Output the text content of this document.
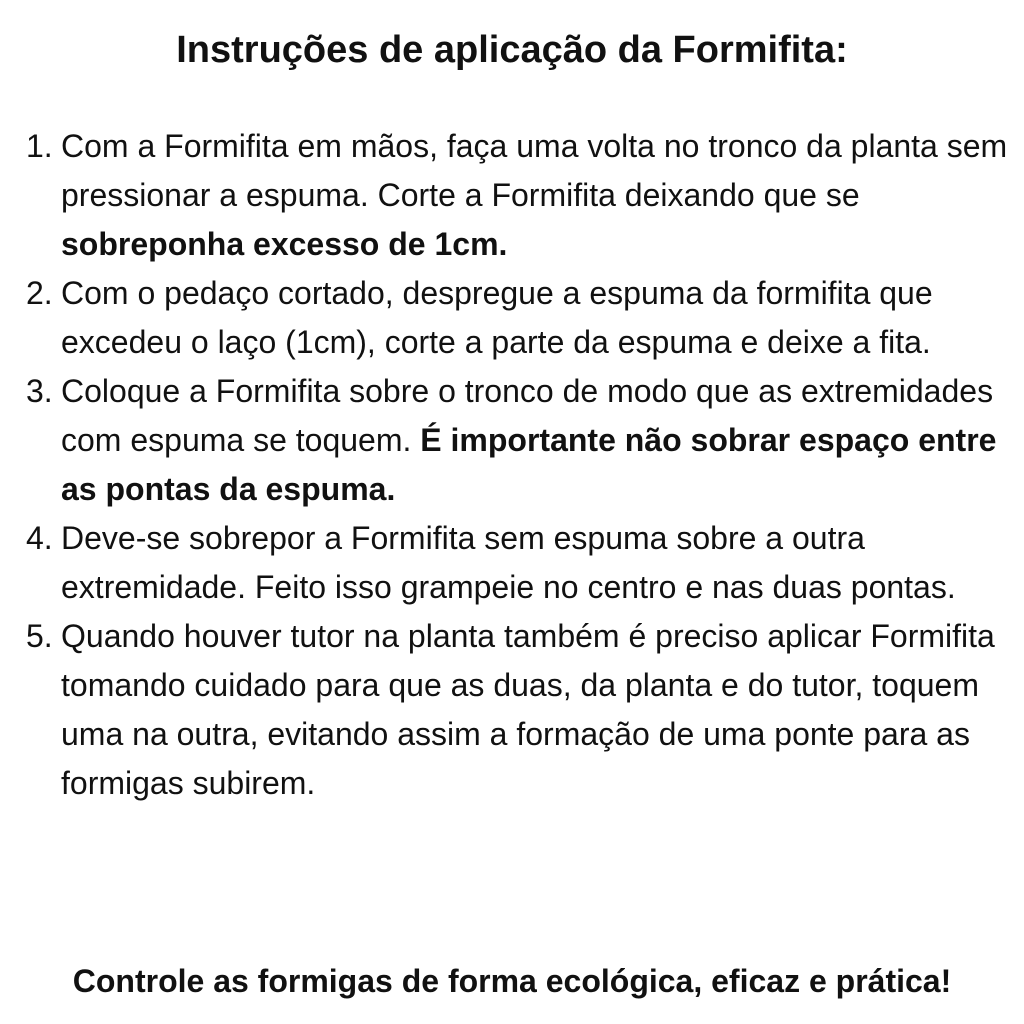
Instruções de aplicação da Formifita:
1. Com a Formifita em mãos, faça uma volta no tronco da planta sem pressionar a espuma. Corte a Formifita deixando que se sobreponha excesso de 1cm.
2. Com o pedaço cortado, despregue a espuma da formifita que excedeu o laço (1cm), corte a parte da espuma e deixe a fita.
3. Coloque a Formifita sobre o tronco de modo que as extremidades com espuma se toquem. É importante não sobrar espaço entre as pontas da espuma.
4. Deve-se sobrepor a Formifita sem espuma sobre a outra extremidade. Feito isso grampeie no centro e nas duas pontas.
5. Quando houver tutor na planta também é preciso aplicar Formifita tomando cuidado para que as duas, da planta e do tutor, toquem uma na outra, evitando assim a formação de uma ponte para as formigas subirem.

Controle as formigas de forma ecológica, eficaz e prática!
